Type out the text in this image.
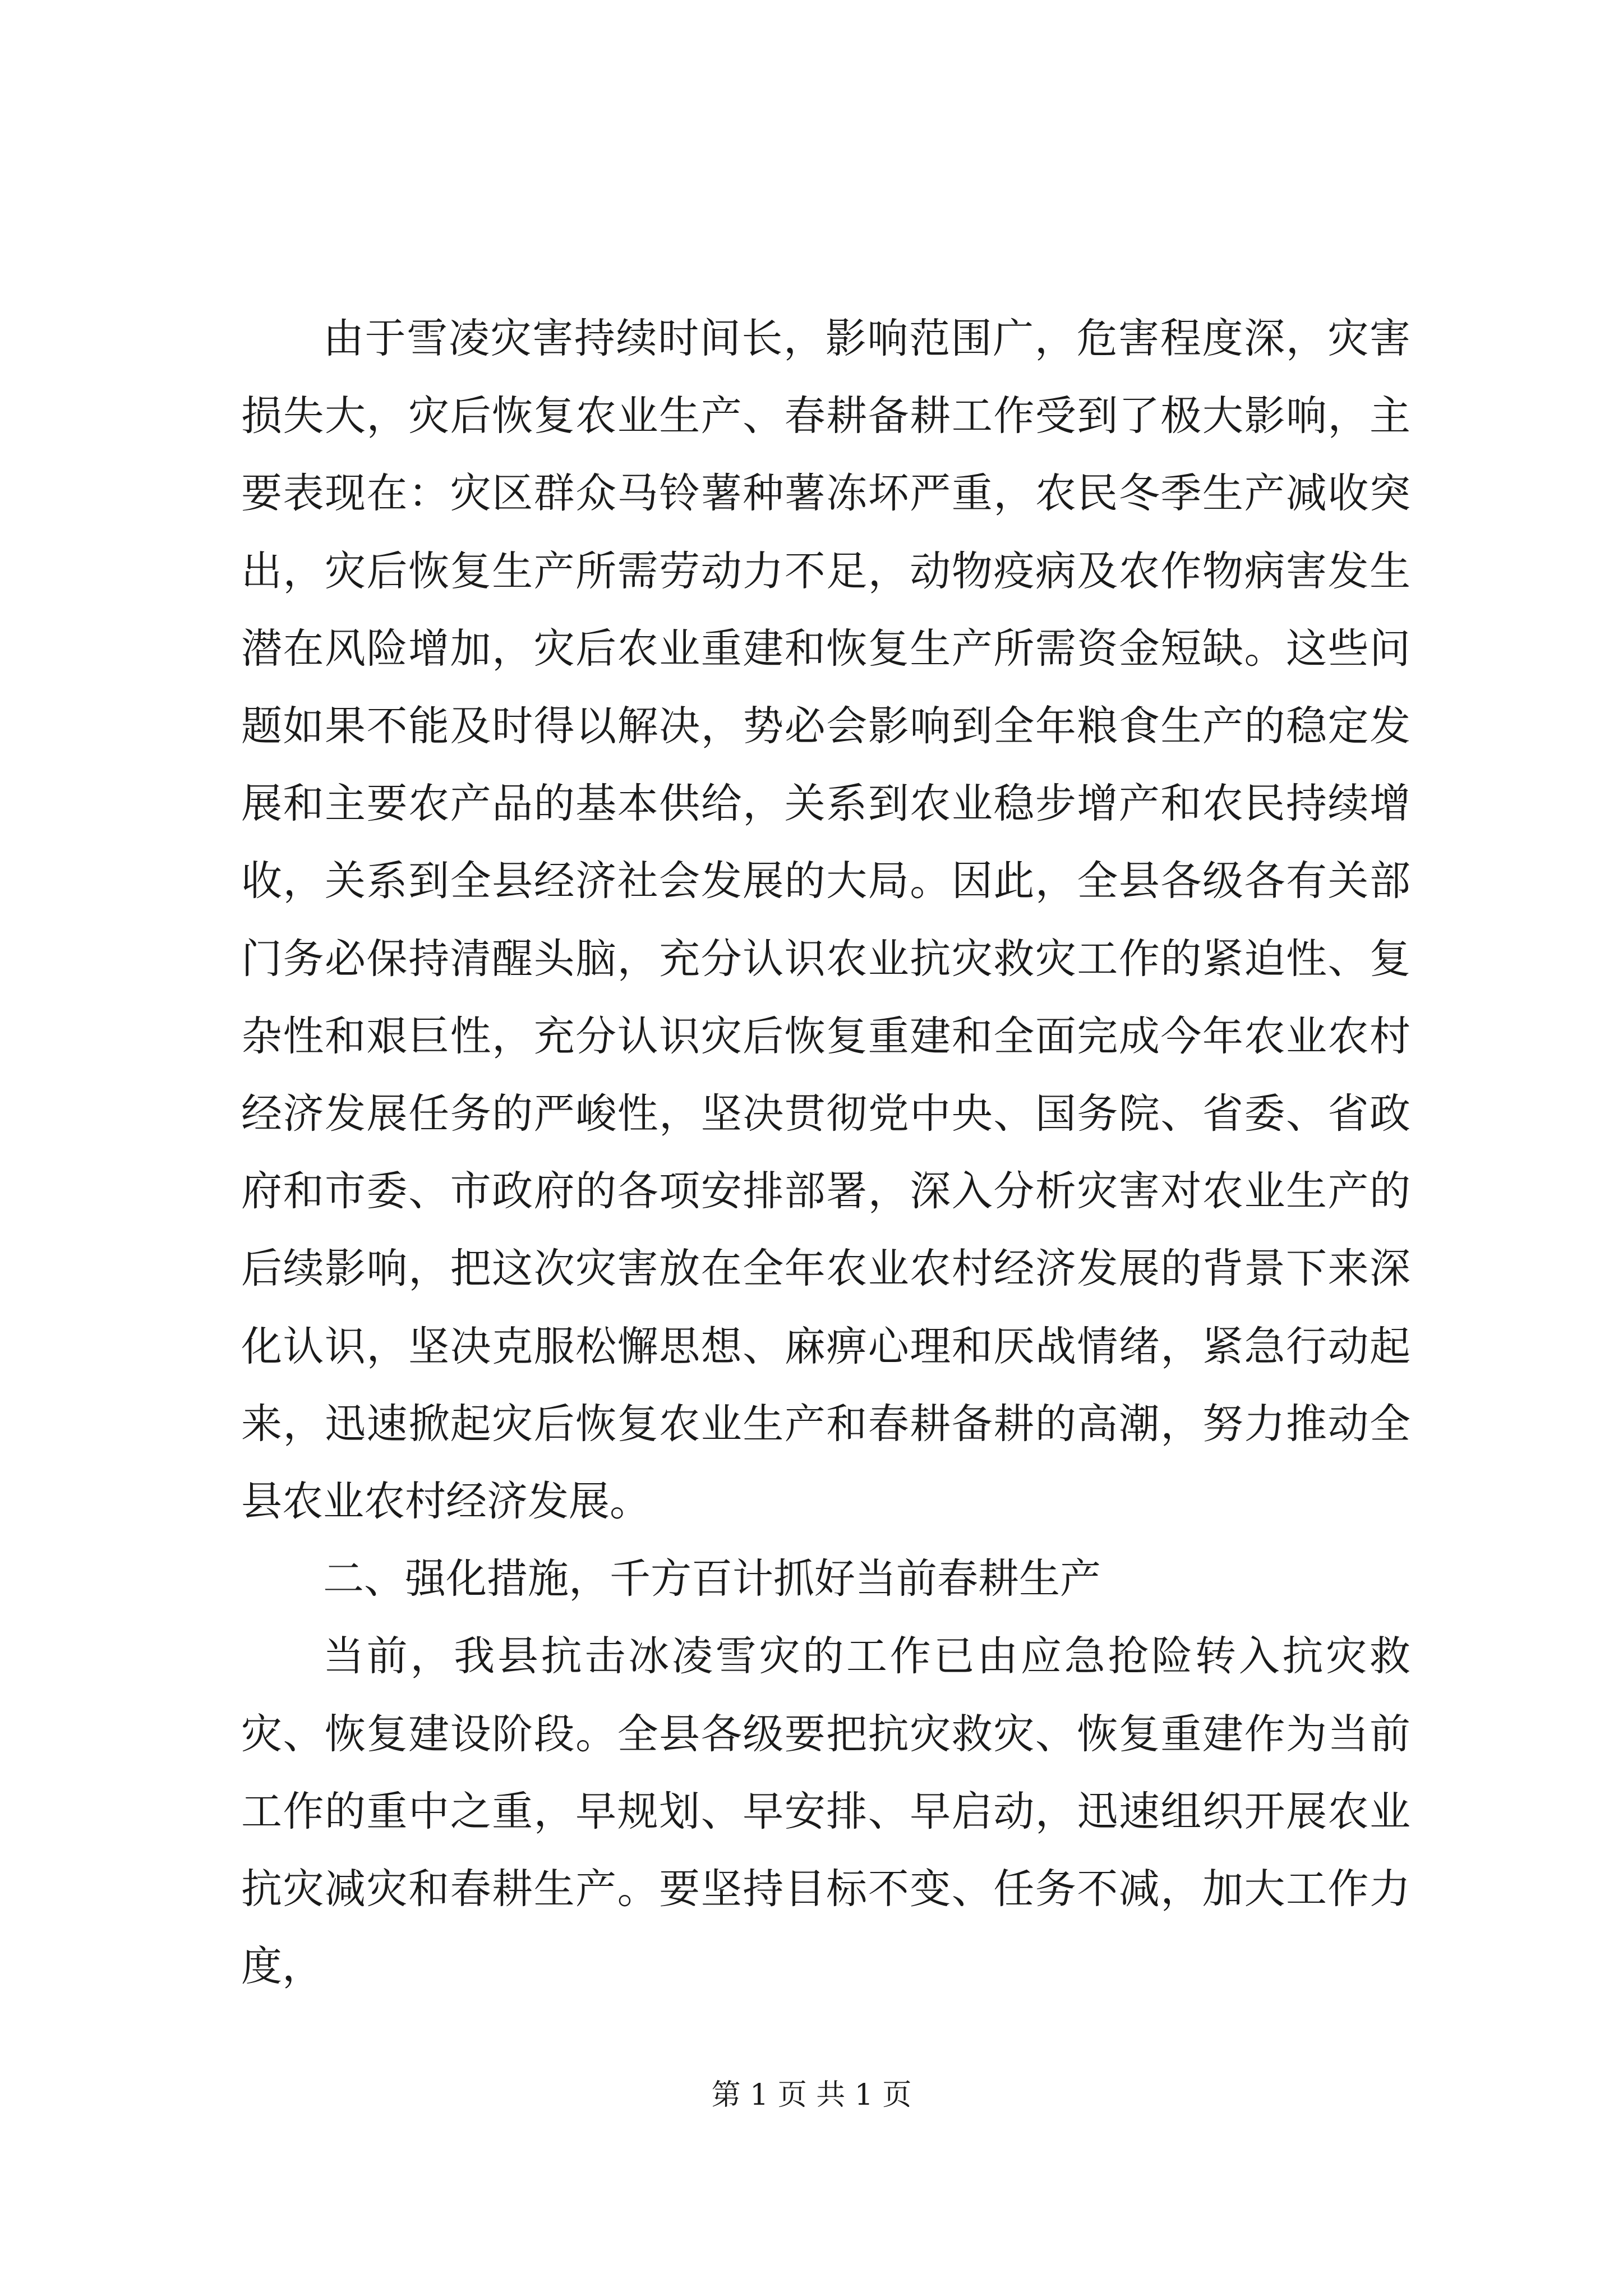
由于雪凌灾害持续时间长，影响范围广，危害程度深，灾害损失大，灾后恢复农业生产、春耕备耕工作受到了极大影响，主要表现在：灾区群众马铃薯种薯冻坏严重，农民冬季生产减收突出，灾后恢复生产所需劳动力不足，动物疫病及农作物病害发生潜在风险增加，灾后农业重建和恢复生产所需资金短缺。这些问题如果不能及时得以解决，势必会影响到全年粮食生产的稳定发展和主要农产品的基本供给，关系到农业稳步增产和农民持续增收，关系到全县经济社会发展的大局。因此，全县各级各有关部门务必保持清醒头脑，充分认识农业抗灾救灾工作的紧迫性、复杂性和艰巨性，充分认识灾后恢复重建和全面完成今年农业农村经济发展任务的严峻性，坚决贯彻党中央、国务院、省委、省政府和市委、市政府的各项安排部署，深入分析灾害对农业生产的后续影响，把这次灾害放在全年农业农村经济发展的背景下来深化认识，坚决克服松懈思想、麻痹心理和厌战情绪，紧急行动起来，迅速掀起灾后恢复农业生产和春耕备耕的高潮，努力推动全县农业农村经济发展。

二、强化措施，千方百计抓好当前春耕生产

当前，我县抗击冰凌雪灾的工作已由应急抢险转入抗灾救灾、恢复建设阶段。全县各级要把抗灾救灾、恢复重建作为当前工作的重中之重，早规划、早安排、早启动，迅速组织开展农业抗灾减灾和春耕生产。要坚持目标不变、任务不减，加大工作力度，

第 1 页 共 1 页
